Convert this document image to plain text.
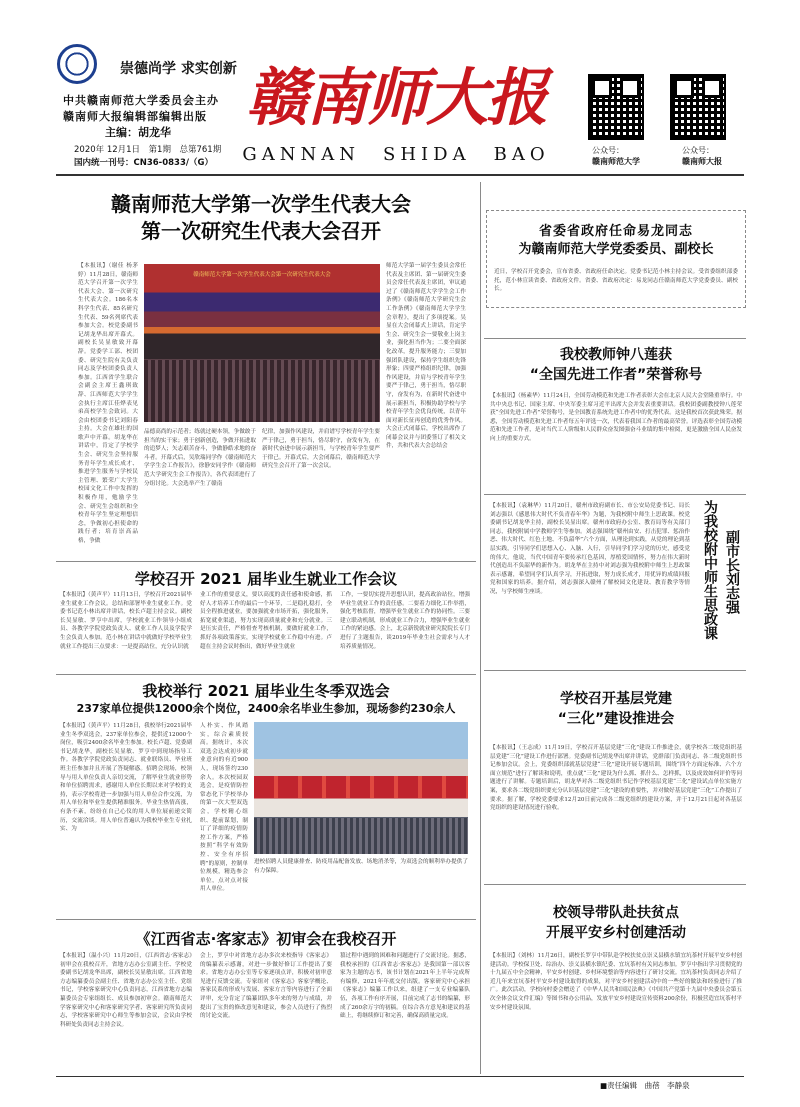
崇德尚学 求实创新
中共赣南师范大学委员会主办
赣南师大报编辑部编辑出版
主编：胡龙华
2020年 12月1日　第1期　总第761期
国内统一刊号：CN36-0833/（G）
赣南师大报
GANNAN　SHIDA　BAO	公众号：
赣南师范大学
公众号：
赣南师大报
赣南师范大学第一次学生代表大会
第一次研究生代表大会召开
【本报讯】（谢佳 杨茅婷）11月28日，赣南师范大学召开第一次学生代表大会、第一次研究生代表大会。186名本科学生代表、85名研究生代表、59名列席代表参加大会。校党委副书记胡龙华出席开幕式。副校长吴显敏致开幕辞。党委学工部、校团委、研究生院有关负责同志及学校团委负责人参加。江西省学生联合会副会主席王鑫琪致辞、江西师范大学学生会执行主席江佳烨表见弟高校学生会致词。大会由校团委书记刘阳春主持。大会在雄壮的国歌声中开幕。胡龙华在讲话中，肯定了学校学生会、研究生会坚持服务青年学生成长成才、推进学生服务与学校民主管理、繁荣广大学生校园文化工作中发挥的积极作用，勉励学生会、研究生会组织和全校青年学生坚定理想信念，争做初心担使命的践行者；培育崇高品格，争做
赣南师范大学第一次学生代表大会第一次研究生代表大会
品德高尚的示范者；练就过硬本领，争做敢于担当的实干家；勇于创新创造，争做开拓进取的追梦人；矢志艰苦奋斗，争做静皓求地的奋斗者。开幕式后，吴欣瑞同学作《赣南师范大学学生会工作报告》，徐静安同学作《赣南师范大学研究生会工作报告》，各代表团进行了分组讨论。大会选举产生了赣南
纪律，加强作风建设，并肩谱写学校青年学生要严于律己，勇于担当，恪尽职守，奋发有为，在新时代奋进中展示新担当，与学校青年学生要严于律己。开幕式后，大会闭幕后，赣南师范大学研究生会召开了第一次会议。
师范大学第一届学生委员会常任代表及主席团、第一届研究生委员会常任代表及主席团，审议通过了《赣南师范大学学生会工作条例》《赣南师范大学研究生会工作条例》《赣南师范大学学生会章程》，提出了多项提案。吴显在大会闭幕式上讲话，肯定学生会、研究生会一要敬业上岗主业，强化担当作为；二要全面深化改革，提升服务能力；三要加强团队建设，保持学生组织先锋形象；四要严格组织纪律，加强作风建设，并肩与学校青年学生要严于律己，勇于担当，恪尽职守，奋发有为，在新时代奋进中展示新担当，积极协助学校与学校青年学生会优良传统，以青年面对新长征再创造的优秀作风。大会正式闭幕后，学校出席作了闭幕会议并与团委签订了相关文件，共和代表大会总结会
学校召开 2021 届毕业生就业工作会议
【本报讯】（黄声平）11月13日，学校召开2021届毕业生就业工作会议。总结和部署毕业生就业工作。党委书记范小林出席并讲话，校长卢超主持会议。副校长吴显敏、罗亨中出席，学校就业工作领导小组成员、各教学学院党政负责人、就业工作人员及学院学生会负责人参加。范小林在讲话中就做好学校毕业生就业工作提出三点要求：一是提高站位，充分认识就
业工作的重要意义，要以高度的责任感和使命感，抓好人才培养工作的最后一个环节，二是稳扎稳打，全员全程推进就业，要加强就业市场开拓，强化服务，拓宽就业渠道，努力实现高质量就业和充分就业。三是压实责任，严格督查考核机制，要做好就业工作，抓好各项政策落实，实现学校就业工作稳中有进。卢超在主持会议时指出，做好毕业生就业
工作，一要切实提升思想认识，提高政治站位，增强毕业生就业工作的责任感。二要着力细化工作举措，强化考核监督，增强毕业生就业工作的协同性。三要建立联动机制，形成就业工作合力，增强毕业生就业工作的紧迫感。会上，北京新锐就业研究院院长专门进行了主题报告，谈2019年毕业生社会需求与人才培养质量情况。
我校举行 2021 届毕业生冬季双选会
237家单位提供12000余个岗位，2400余名毕业生参加，现场参约230余人
【本报讯】（黄声平）11月28日，我校举行2021届毕业生冬季双选会，237家单位参会，提供近12000个岗位，吸引2400余名毕业生参加。校长卢超、党委副书记胡龙华，副校长吴显敏、罗亨中到现场指导工作。各教学学院党政负责同志、就业联络员、毕业班班主任参加并且开展了答疑解惑。招聘会现场，校领导与用人单位负责人亲切交流，了解毕业生就业形势和单位招聘需求，感谢用人单位长期以来对学校的支持，表示学校将进一步加强与用人单位合作交流，为用人单位和毕业生提供精准服务。毕业生热情高涨，有条不紊，纷纷在自己心仪的用人单位展前递交简历，交流洽谈。用人单位普遍认为我校毕业生专业扎实、为
人朴实、作风踏实，综合素质较高。据统计，本次双选会达成初步就业意向的有近900人，现场签约230余人。本次校园双选会，是疫情防控常态化下学校举办的第一次大型双选会，学校精心组织、提前谋划，制订了详细的疫情防控工作方案，严格按照“科学有效防控、安全有序招聘”的原则，控制单位规模，精选参会单位，点对点对接用人单位。
进校招聘人员健康排查、防疫用品配备发放、场地消杀等，为双选会的顺利举办提供了有力保障。
《江西省志·客家志》初审会在我校召开
【本报讯】（温小兴）11月20日，《江西省志·客家志》初审会在我校召开，省地方志办公室副主任、学校党委副书记胡龙华出席，副校长吴显敏出席。江西省地方志编纂委员会副主任、省地方志办公室主任、党组书记，学校客家研究中心负责同志，江西省地方志编纂委员会专家组组长、成员参加初审会。赣南师范大学客家研究中心和客家研究学者、客家研究所负责同志，学校客家研究中心师生等参加会议，会议由学校科研处负责同志主持会议。
会上，罗亨中对省地方志办多次来校指导《客家志》的编纂表示感谢，对进一步做好修订工作提出了要求。省地方志办公室等专家逐项点评，积极对初审意见进行反馈交流。专家组对《客家志》客家学概论、客家民系的形成与发展、客家方言等内容进行了全面评审，充分肯定了编纂团队多年来的努力与成绩，并提出了宝贵的修改意见和建议，参会人员进行了热烈的讨论交流。
篡过程中遇到的困难和问题进行了交流讨论。据悉，我校承担的《江西省志·客家志》是我国第一部以客家为主题的志书，该书计划在2021年上半年完成所有编修，2021年年底交付出版。客家研究中心承担《客家志》编纂工作以来，组建了一支专业编纂队伍，各项工作有序开展，目前完成了志书的编纂，形成了260余万字的初稿。在综合各方意见和建议的基础上，将继续修订和完善，确保高质量完成。
省委省政府任命易龙同志
为赣南师范大学党委委员、副校长
近日，学校召开党委会，宣布省委、省政府任命决定。党委书记范小林主持会议。受省委组织部委托，范小林宣读省委、省政府文件。省委、省政府决定：易龙同志任赣南师范大学党委委员、副校长。
我校教师钟八莲获
“全国先进工作者”荣誉称号
【本报讯】（杨素华）11月24日，全国劳动模范和先进工作者表彰大会在北京人民大会堂隆重举行。中共中央总书记、国家主席、中央军委主席习近平出席大会并发表重要讲话。我校团委副教授钟八莲荣获“全国先进工作者”荣誉称号，是全国教育系统先进工作者中的优秀代表。这是我校首次获此殊荣。据悉，全国劳动模范和先进工作者每五年评选一次，代表着我国工作者的最高荣誉。评选表彰全国劳动模范和先进工作者，是对当代工人阶级和人民群众奋发图强奋斗业绩的集中检阅，更是激励全国人民奋发向上的重要方式。
【本报讯】（袁琳华）11月20日，赣州市政府副市长、市公安局党委书记、局长刘志强以《感恩伟大时代不负青春年华》为题，为我校附中师生上思政课。校党委副书记胡龙华主持，副校长吴显出席。赣州市政府办公室、教育局等有关部门同志，我校附属中学教师学生等参加。刘志强围绕“赣州由安、打击犯罪、惩治作恶、伟大时代、红色土地、不负韶华”六个方面，从理论到实践，从党的理论到基层实践，引导同学们思想入心、入脑、入行，引导同学们学习党的历史，感受党的伟大。他说，当代中国青年要传承红色基因，厚植爱国情怀，努力在伟大新时代创造出不负韶华的新作为。胡龙华在主持中对刘志强为我校附中师生上思政课表示感谢，希望同学们认真学习，开拓进取，努力成长成才，用优异的成绩回报党和国家的培养。据介绍，刘志强深入赣州了解校园文化建设、教育教学等情况，与学校师生座谈。	为我校附中师生思政课 副市长刘志强
学校召开基层党建
“三化”建设推进会
【本报讯】（王志成）11月19日，学校召开基层党建“三化”建设工作推进会，就学校各二级党组织基层党建“三化”建设工作进行部署。党委副书记胡龙华出席并讲话，党群部门负责同志、各二级党组织书记参加会议。会上，党委组织部就基层党建“三化”建设开展专题培训，围绕“四个方面定标准、六个方面立规范”进行了解读和说明，重点就“三化”建设为什么抓、抓什么、怎样抓，以及成效如何评价等问题进行了讲解。专题培训后，胡龙华对各二级党组织书记作学校基层党建“三化”建设试点单位实施方案，要求各二级党组织要充分认识基层党建“三化”建设的重要性，并对做好基层党建“三化”工作提出了要求。据了解，学校党委要求12月20日前完成各二级党组织的建设方案，并于12月21日起对各基层党组织的建设情况进行验收。
校领导带队赴扶贫点
开展平安乡村创建活动
【本报讯】（刘林）11月26日，副校长罗亨中带队赴学校扶贫点崇义县横水镇宜坑茶村开展平安乡村创建活动。学校保卫处、综治办、崇义县横水镇纪委、宜坑茶村有关同志参加。罗亨中指出学习贯彻党的十九届五中全会精神，平安乡村创建、乡村环境整治等内容进行了研讨交流。宜坑茶村负责同志介绍了近几年来宜坑茶村平安乡村建设取得的成果，对平安乡村创建活动中的一些好的做法和经验进行了推广。此次活动，学校向村委会赠送了《中华人民共和国民法典》《中国共产党第十九届中央委员会第五次全体会议文件汇编》等图书和办公用品，发放平安乡村建设宣传资料200余份，积极营造宜坑茶村平安乡村建设氛围。
■责任编辑　曲蓓　李静泉
